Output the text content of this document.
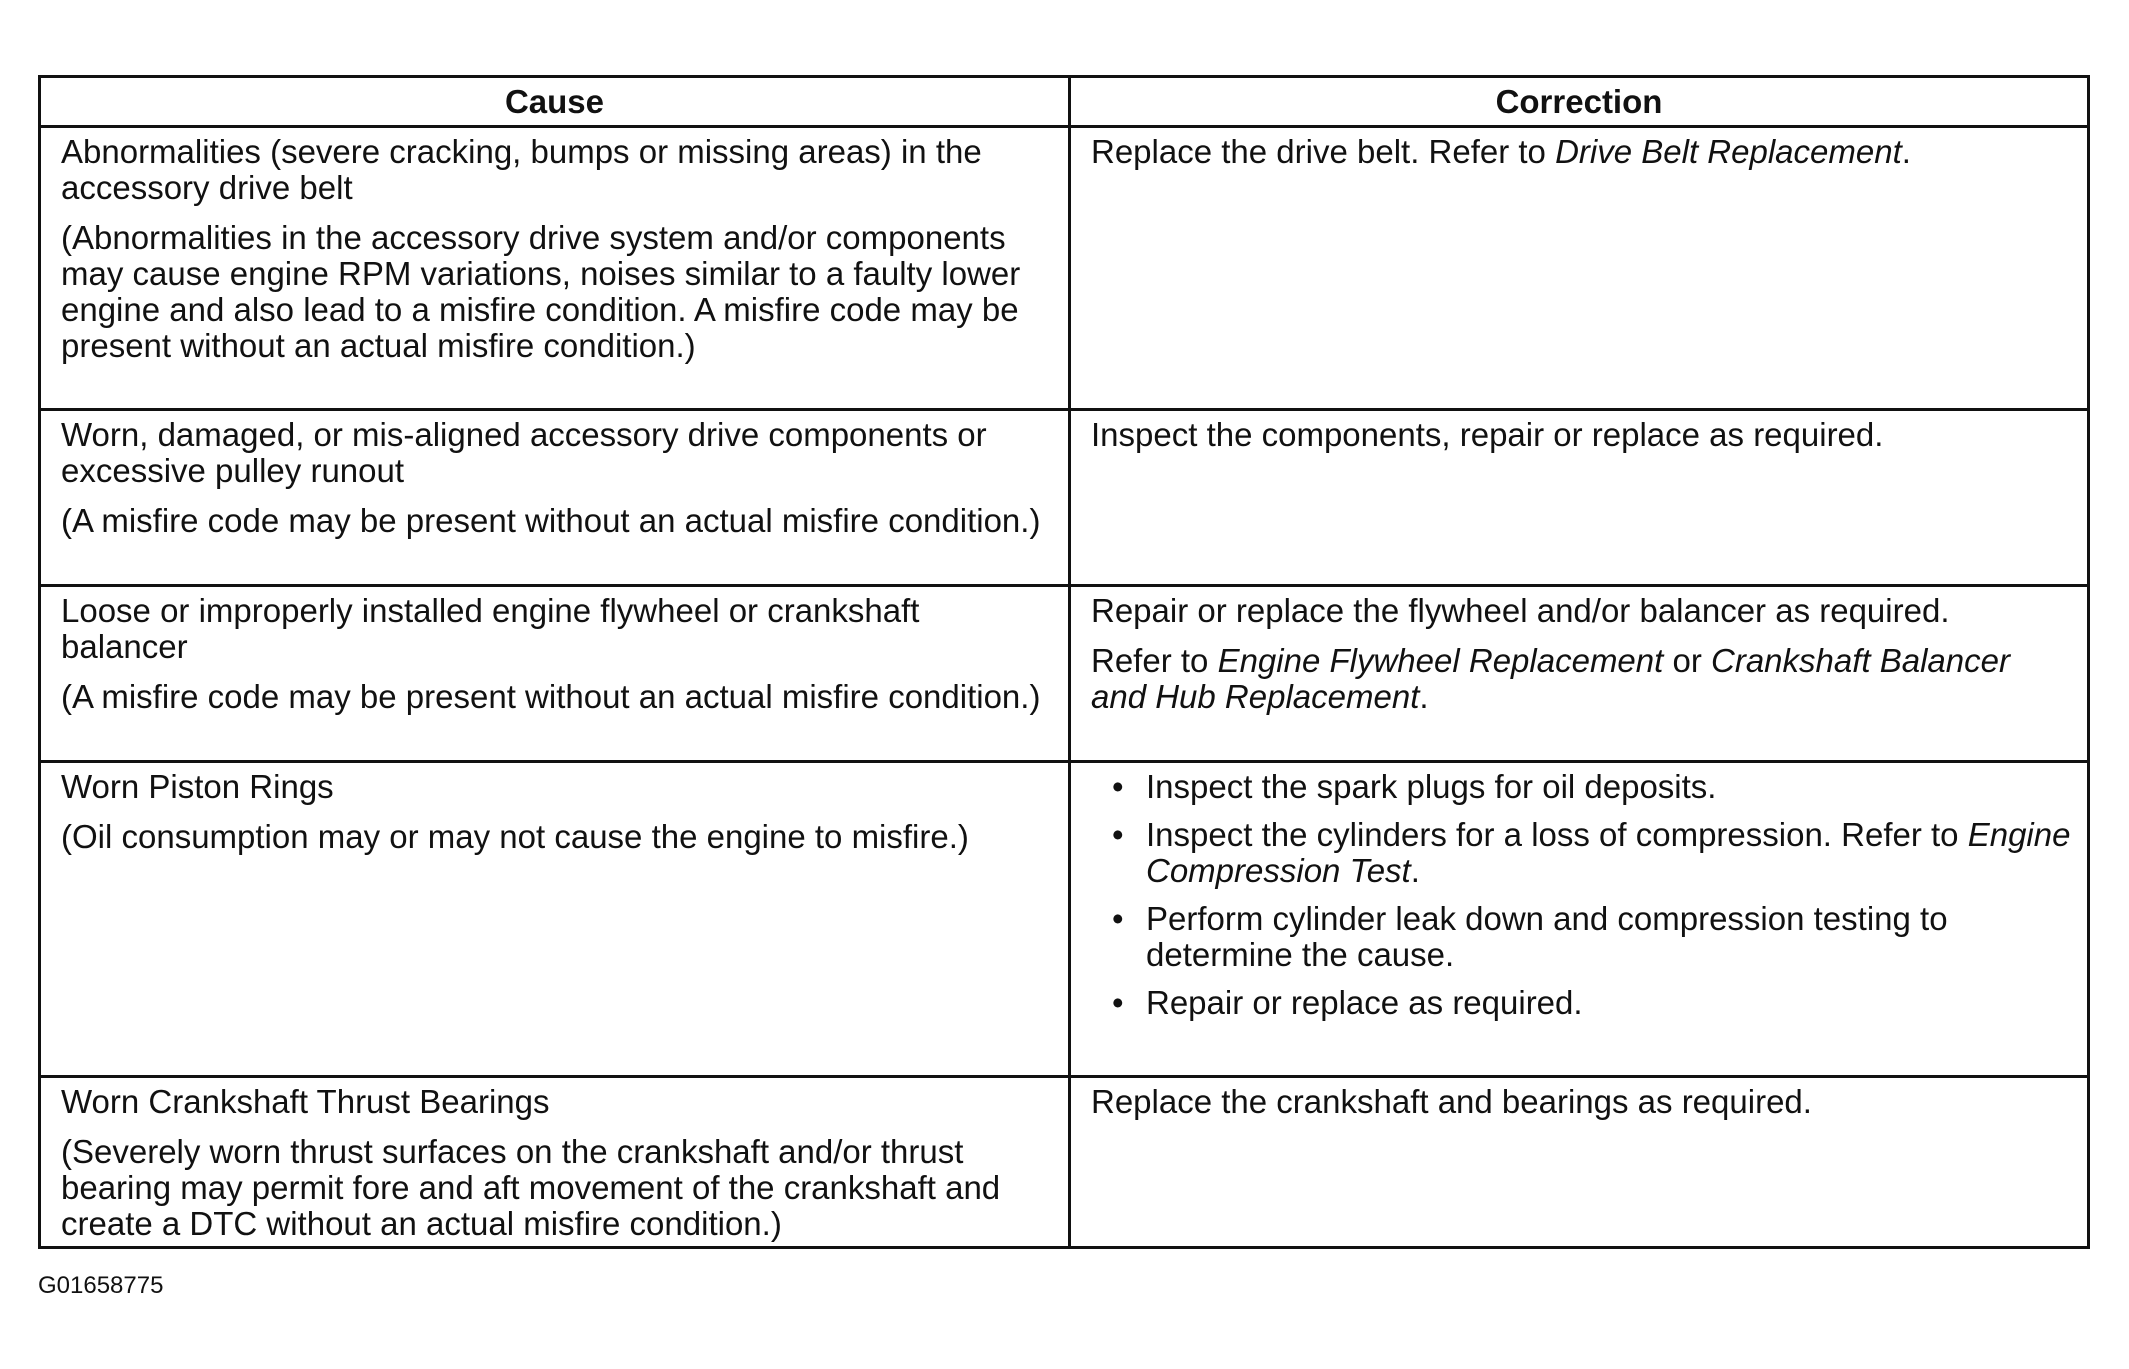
Cause	Correction
Abnormalities (severe cracking, bumps or missing areas) in the accessory drive belt
(Abnormalities in the accessory drive system and/or components may cause engine RPM variations, noises similar to a faulty lower engine and also lead to a misfire condition. A misfire code may be present without an actual misfire condition.)
Replace the drive belt. Refer to Drive Belt Replacement.
Worn, damaged, or mis-aligned accessory drive components or excessive pulley runout
(A misfire code may be present without an actual misfire condition.)
Inspect the components, repair or replace as required.
Loose or improperly installed engine flywheel or crankshaft balancer
(A misfire code may be present without an actual misfire condition.)
Repair or replace the flywheel and/or balancer as required.
Refer to Engine Flywheel Replacement or Crankshaft Balancer and Hub Replacement.
Worn Piston Rings
(Oil consumption may or may not cause the engine to misfire.)
• Inspect the spark plugs for oil deposits.
• Inspect the cylinders for a loss of compression. Refer to Engine Compression Test.
• Perform cylinder leak down and compression testing to determine the cause.
• Repair or replace as required.
Worn Crankshaft Thrust Bearings
(Severely worn thrust surfaces on the crankshaft and/or thrust bearing may permit fore and aft movement of the crankshaft and create a DTC without an actual misfire condition.)
Replace the crankshaft and bearings as required.
G01658775
